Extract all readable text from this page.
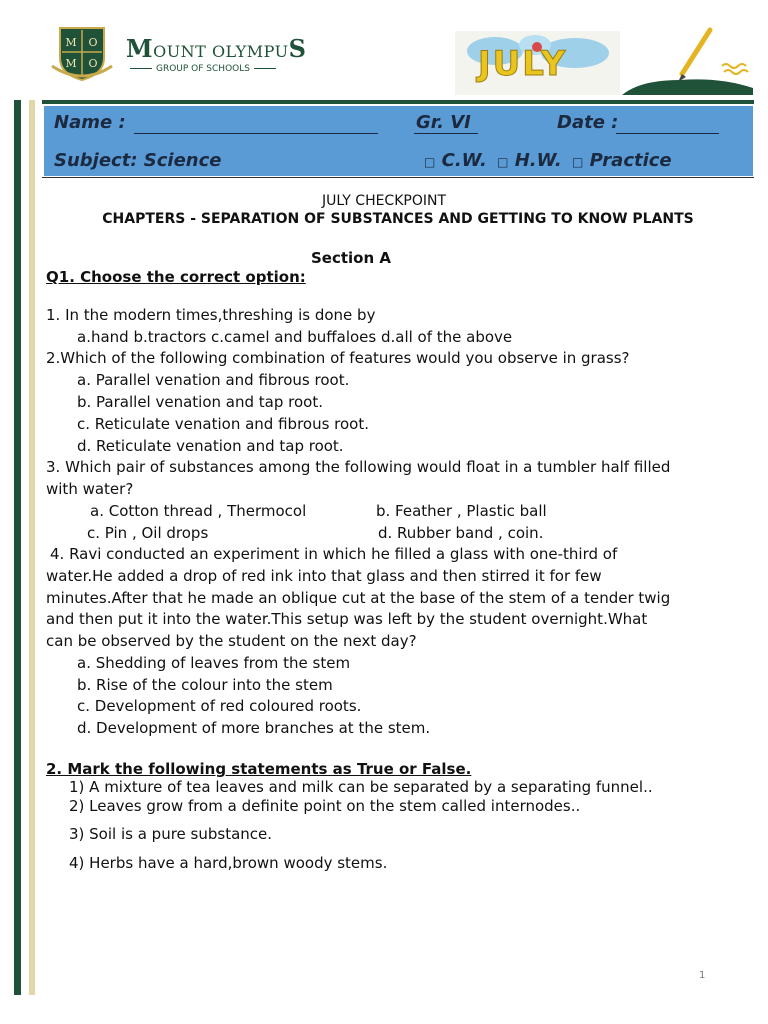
M O
M O
MOUNT OLYMPUS
GROUP OF SCHOOLS	JULY
Name :	Gr. VI	Date :
Subject: Science	□ C.W. □ H.W. □ Practice
JULY CHECKPOINT
CHAPTERS - SEPARATION OF SUBSTANCES AND GETTING TO KNOW PLANTS
Section A
Q1. Choose the correct option:
1. In the modern times,threshing is done by
a.hand b.tractors c.camel and buffaloes d.all of the above
2.Which of the following combination of features would you observe in grass?
a. Parallel venation and fibrous root.
b. Parallel venation and tap root.
c. Reticulate venation and fibrous root.
d. Reticulate venation and tap root.
3. Which pair of substances among the following would float in a tumbler half filled
with water?
a. Cotton thread , Thermocol	b. Feather , Plastic ball
c. Pin , Oil drops	d. Rubber band , coin.
4. Ravi conducted an experiment in which he filled a glass with one-third of
water.He added a drop of red ink into that glass and then stirred it for few
minutes.After that he made an oblique cut at the base of the stem of a tender twig
and then put it into the water.This setup was left by the student overnight.What
can be observed by the student on the next day?
a. Shedding of leaves from the stem
b. Rise of the colour into the stem
c. Development of red coloured roots.
d. Development of more branches at the stem.
2. Mark the following statements as True or False.
1) A mixture of tea leaves and milk can be separated by a separating funnel..
2) Leaves grow from a definite point on the stem called internodes..
3) Soil is a pure substance.
4) Herbs have a hard,brown woody stems.
1
